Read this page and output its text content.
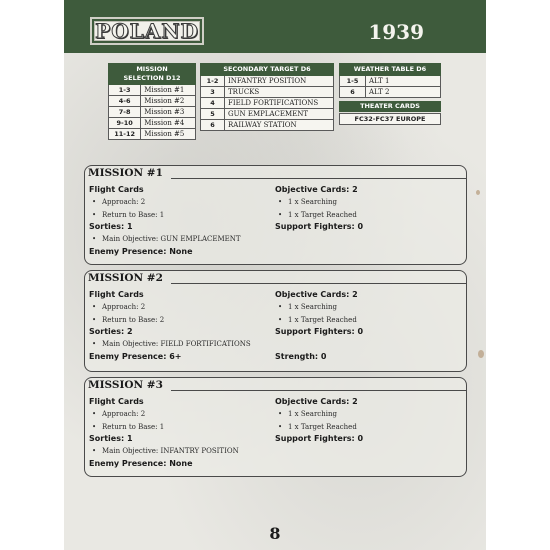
POLAND	1939
MISSION
SELECTION D12	
1-3	Mission #1
4-6	Mission #2
7-8	Mission #3
9-10	Mission #4
11-12	Mission #5
SECONDARY TARGET D6	
1-2	INFANTRY POSITION
3	TRUCKS
4	FIELD FORTIFICATIONS
5	GUN EMPLACEMENT
6	RAILWAY STATION
WEATHER TABLE D6	
1-5	ALT 1
6	ALT 2
THEATER CARDS
FC32-FC37 EUROPE
MISSION #1
Flight Cards
• Approach: 2
• Return to Base: 1
Sorties: 1
• Main Objective: GUN EMPLACEMENT
Enemy Presence: None
Objective Cards: 2
• 1 x Searching
• 1 x Target Reached
Support Fighters: 0
MISSION #2
Flight Cards
• Approach: 2
• Return to Base: 2
Sorties: 2
• Main Objective: FIELD FORTIFICATIONS
Enemy Presence: 6+
Objective Cards: 2
• 1 x Searching
• 1 x Target Reached
Support Fighters: 0
Strength: 0
MISSION #3
Flight Cards
• Approach: 2
• Return to Base: 1
Sorties: 1
• Main Objective: INFANTRY POSITION
Enemy Presence: None
Objective Cards: 2
• 1 x Searching
• 1 x Target Reached
Support Fighters: 0
8
